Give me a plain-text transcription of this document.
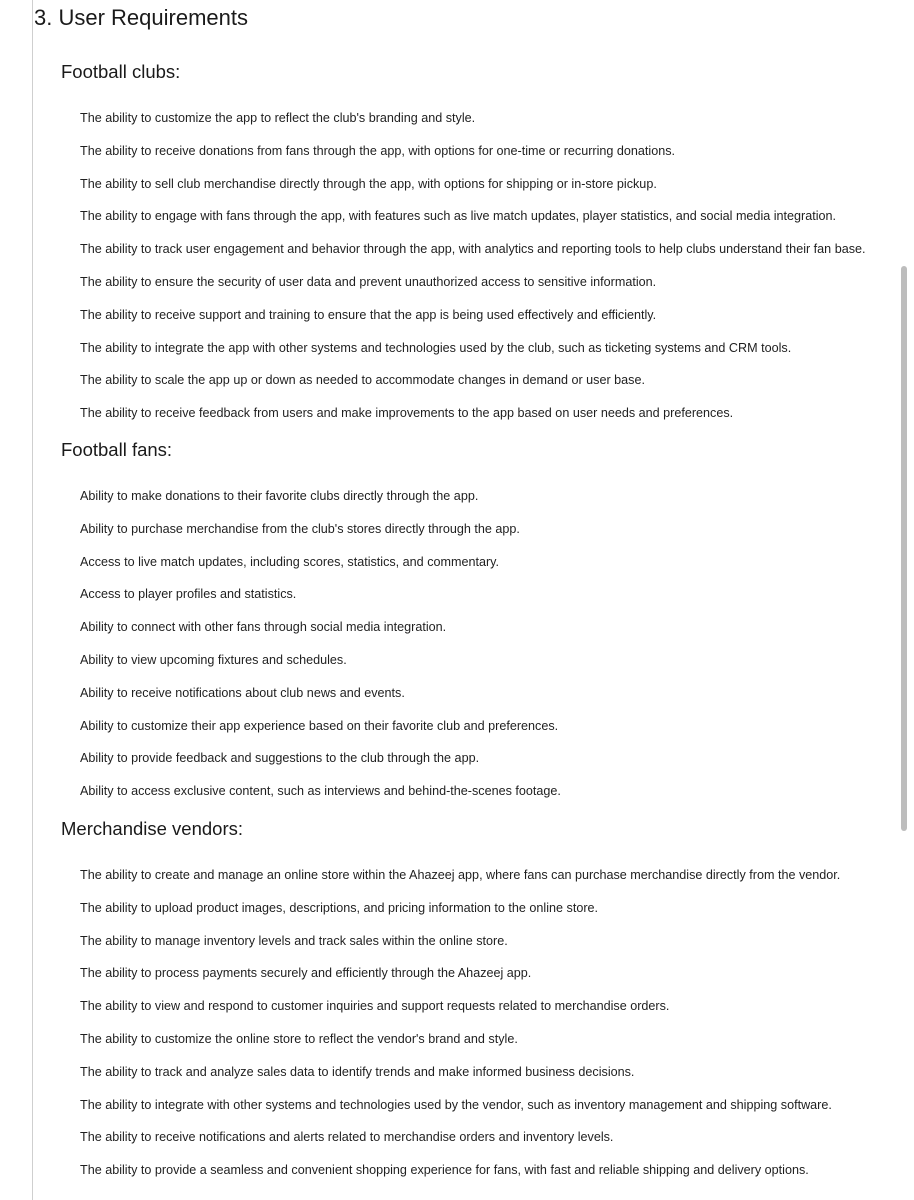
3. User Requirements
Football clubs:
The ability to customize the app to reflect the club's branding and style.
The ability to receive donations from fans through the app, with options for one-time or recurring donations.
The ability to sell club merchandise directly through the app, with options for shipping or in-store pickup.
The ability to engage with fans through the app, with features such as live match updates, player statistics, and social media integration.
The ability to track user engagement and behavior through the app, with analytics and reporting tools to help clubs understand their fan base.
The ability to ensure the security of user data and prevent unauthorized access to sensitive information.
The ability to receive support and training to ensure that the app is being used effectively and efficiently.
The ability to integrate the app with other systems and technologies used by the club, such as ticketing systems and CRM tools.
The ability to scale the app up or down as needed to accommodate changes in demand or user base.
The ability to receive feedback from users and make improvements to the app based on user needs and preferences.
Football fans:
Ability to make donations to their favorite clubs directly through the app.
Ability to purchase merchandise from the club's stores directly through the app.
Access to live match updates, including scores, statistics, and commentary.
Access to player profiles and statistics.
Ability to connect with other fans through social media integration.
Ability to view upcoming fixtures and schedules.
Ability to receive notifications about club news and events.
Ability to customize their app experience based on their favorite club and preferences.
Ability to provide feedback and suggestions to the club through the app.
Ability to access exclusive content, such as interviews and behind-the-scenes footage.
Merchandise vendors:
The ability to create and manage an online store within the Ahazeej app, where fans can purchase merchandise directly from the vendor.
The ability to upload product images, descriptions, and pricing information to the online store.
The ability to manage inventory levels and track sales within the online store.
The ability to process payments securely and efficiently through the Ahazeej app.
The ability to view and respond to customer inquiries and support requests related to merchandise orders.
The ability to customize the online store to reflect the vendor's brand and style.
The ability to track and analyze sales data to identify trends and make informed business decisions.
The ability to integrate with other systems and technologies used by the vendor, such as inventory management and shipping software.
The ability to receive notifications and alerts related to merchandise orders and inventory levels.
The ability to provide a seamless and convenient shopping experience for fans, with fast and reliable shipping and delivery options.
